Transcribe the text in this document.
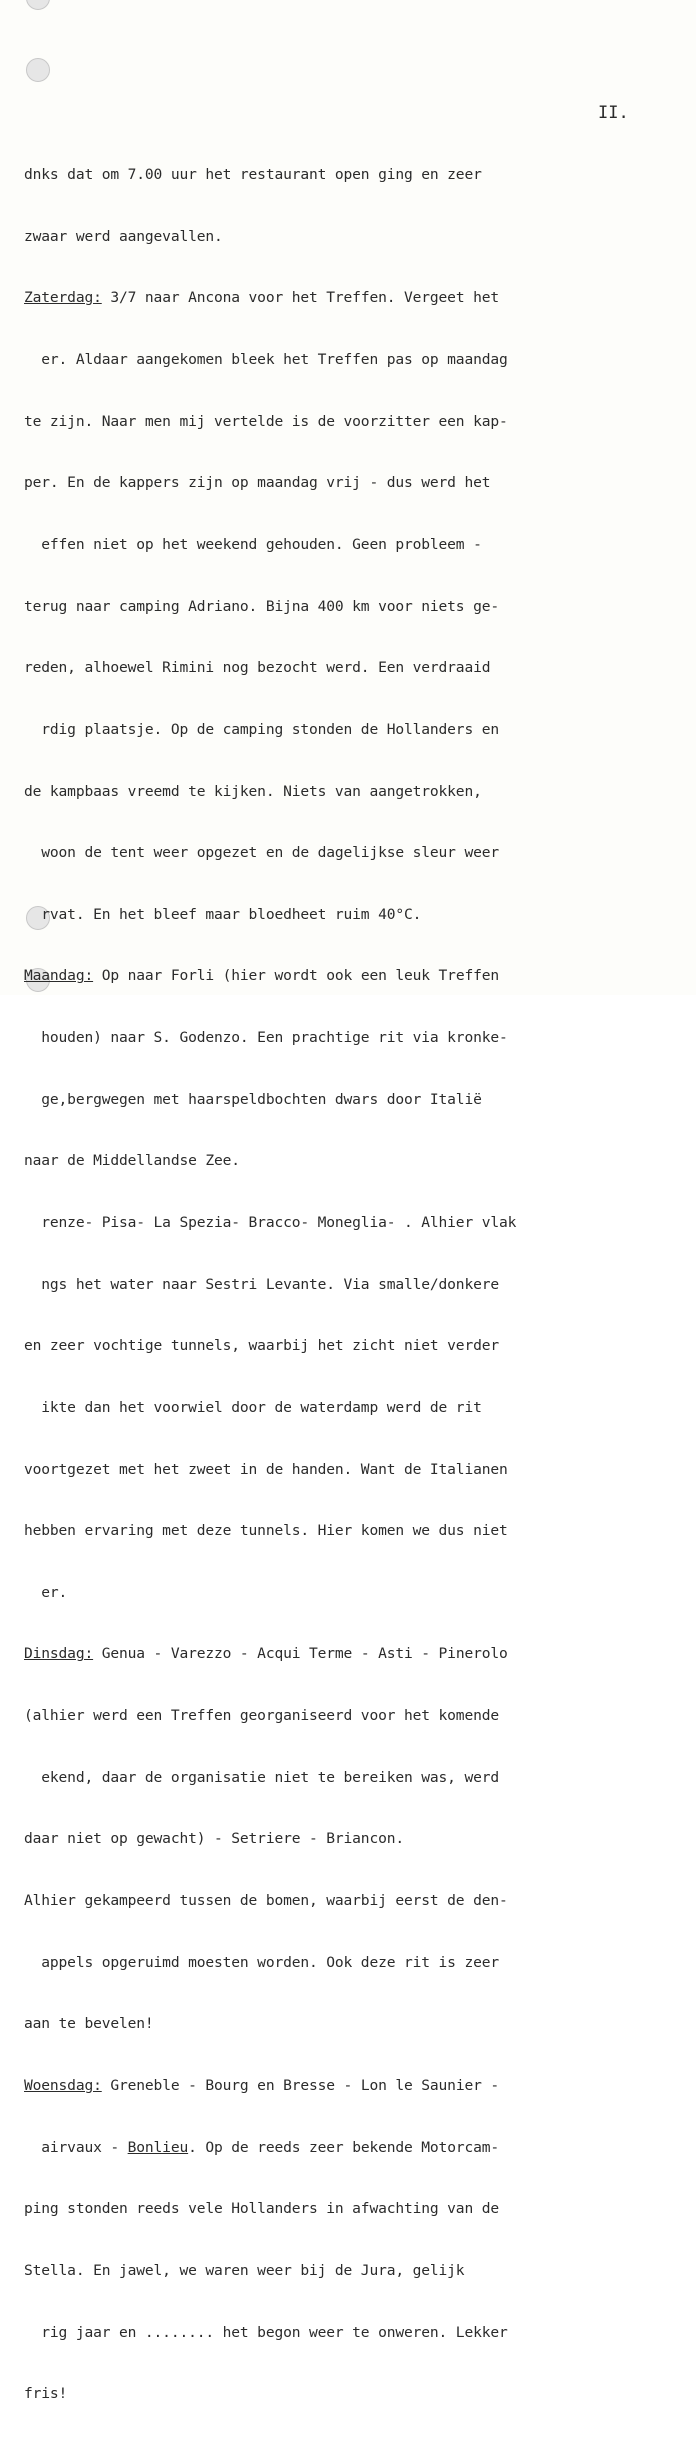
II.

dnks dat om 7.00 uur het restaurant open ging en zeer

zwaar werd aangevallen.

Zaterdag: 3/7 naar Ancona voor het Treffen. Vergeet het

er. Aldaar aangekomen bleek het Treffen pas op maandag

te zijn. Naar men mij vertelde is de voorzitter een kap-

per. En de kappers zijn op maandag vrij - dus werd het

effen niet op het weekend gehouden. Geen probleem -

terug naar camping Adriano. Bijna 400 km voor niets ge-

reden, alhoewel Rimini nog bezocht werd. Een verdraaid

rdig plaatsje. Op de camping stonden de Hollanders en

de kampbaas vreemd te kijken. Niets van aangetrokken,

woon de tent weer opgezet en de dagelijkse sleur weer

rvat. En het bleef maar bloedheet ruim 40°C.

Maandag: Op naar Forli (hier wordt ook een leuk Treffen

houden) naar S. Godenzo. Een prachtige rit via kronke-

ge,bergwegen met haarspeldbochten dwars door Italië

naar de Middellandse Zee.

renze- Pisa- La Spezia- Bracco- Moneglia- . Alhier vlak

ngs het water naar Sestri Levante. Via smalle/donkere

en zeer vochtige tunnels, waarbij het zicht niet verder

ikte dan het voorwiel door de waterdamp werd de rit

voortgezet met het zweet in de handen. Want de Italianen

hebben ervaring met deze tunnels. Hier komen we dus niet

er.

Dinsdag: Genua - Varezzo - Acqui Terme - Asti - Pinerolo

(alhier werd een Treffen georganiseerd voor het komende

ekend, daar de organisatie niet te bereiken was, werd

daar niet op gewacht) - Setriere - Briancon.

Alhier gekampeerd tussen de bomen, waarbij eerst de den-

appels opgeruimd moesten worden. Ook deze rit is zeer

aan te bevelen!

Woensdag: Greneble - Bourg en Bresse - Lon le Saunier -

airvaux - Bonlieu. Op de reeds zeer bekende Motorcam-

ping stonden reeds vele Hollanders in afwachting van de

Stella. En jawel, we waren weer bij de Jura, gelijk

rig jaar en ........ het begon weer te onweren. Lekker

fris!
